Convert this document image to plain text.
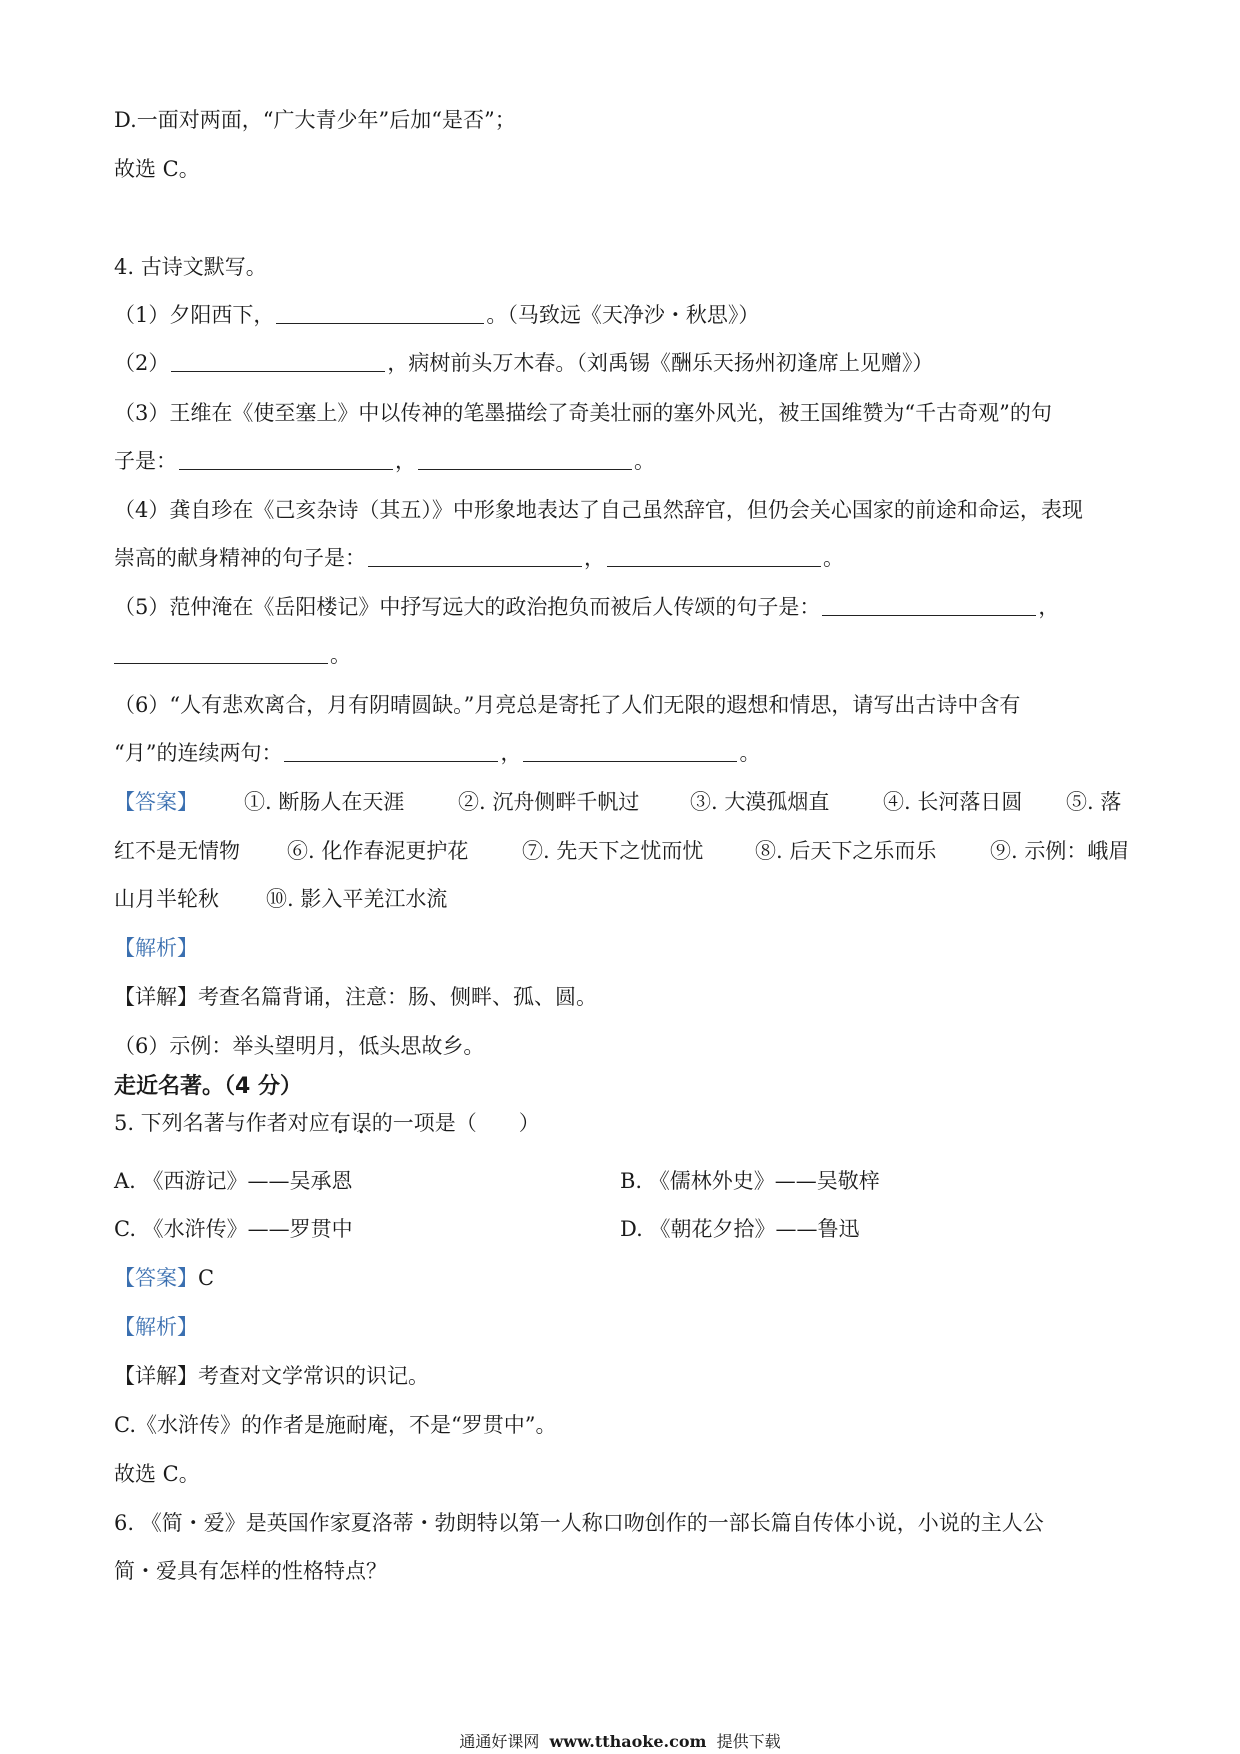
D.一面对两面，“广大青少年”后加“是否”；
故选 C。
4. 古诗文默写。
（1）夕阳西下，	。（马致远《天净沙・秋思》）
（2）	，病树前头万木春。（刘禹锡《酬乐天扬州初逢席上见赠》）
（3）王维在《使至塞上》中以传神的笔墨描绘了奇美壮丽的塞外风光，被王国维赞为“千古奇观”的句
子是：	，	。
（4）龚自珍在《己亥杂诗（其五）》中形象地表达了自己虽然辞官，但仍会关心国家的前途和命运，表现
崇高的献身精神的句子是：	，	。
（5）范仲淹在《岳阳楼记》中抒写远大的政治抱负而被后人传颂的句子是：	，
。
（6）“人有悲欢离合，月有阴晴圆缺。”月亮总是寄托了人们无限的遐想和情思，请写出古诗中含有
“月”的连续两句：	，	。
【答案】 ①. 断肠人在天涯	②. 沉舟侧畔千帆过 ③. 大漠孤烟直	④. 长河落日圆 ⑤. 落
红不是无情物 ⑥. 化作春泥更护花	⑦. 先天下之忧而忧 ⑧. 后天下之乐而乐	⑨. 示例：峨眉
山月半轮秋 ⑩. 影入平羌江水流
【解析】
【详解】考查名篇背诵，注意：肠、侧畔、孤、圆。
（6）示例：举头望明月，低头思故乡。
走近名著。（4 分）
5. 下列名著与作者对应有误的一项是（　　）
A. 《西游记》——吴承恩	B. 《儒林外史》——吴敬梓
C. 《水浒传》——罗贯中	D. 《朝花夕拾》——鲁迅
【答案】C
【解析】
【详解】考查对文学常识的识记。
C.《水浒传》的作者是施耐庵，不是“罗贯中”。
故选 C。
6. 《简・爱》是英国作家夏洛蒂・勃朗特以第一人称口吻创作的一部长篇自传体小说，小说的主人公
简・爱具有怎样的性格特点？
通通好课网 www.tthaoke.com 提供下载
